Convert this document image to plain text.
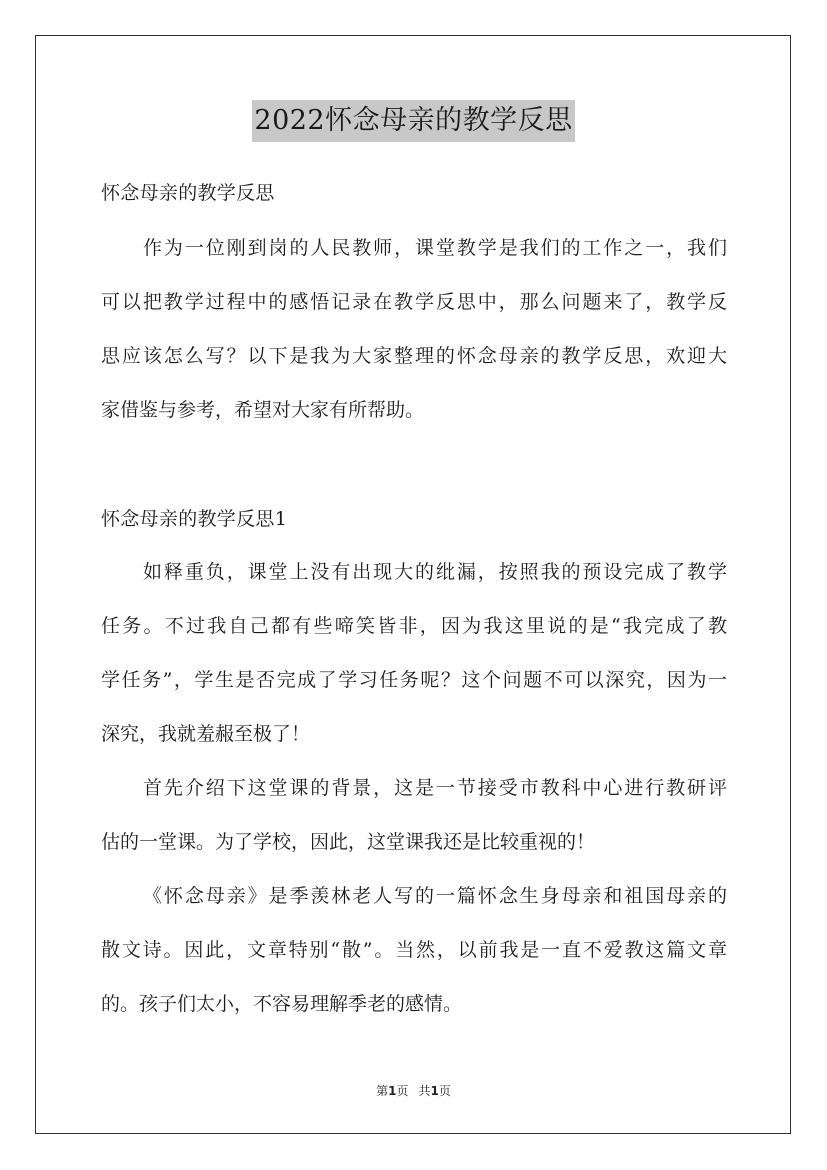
2022怀念母亲的教学反思
怀念母亲的教学反思
作为一位刚到岗的人民教师，课堂教学是我们的工作之一，我们
可以把教学过程中的感悟记录在教学反思中，那么问题来了，教学反
思应该怎么写？以下是我为大家整理的怀念母亲的教学反思，欢迎大
家借鉴与参考，希望对大家有所帮助。
怀念母亲的教学反思1
如释重负，课堂上没有出现大的纰漏，按照我的预设完成了教学
任务。不过我自己都有些啼笑皆非，因为我这里说的是“我完成了教
学任务”，学生是否完成了学习任务呢？这个问题不可以深究，因为一
深究，我就羞赧至极了！
首先介绍下这堂课的背景，这是一节接受市教科中心进行教研评
估的一堂课。为了学校，因此，这堂课我还是比较重视的！
《怀念母亲》是季羡林老人写的一篇怀念生身母亲和祖国母亲的
散文诗。因此，文章特别“散”。当然，以前我是一直不爱教这篇文章
的。孩子们太小，不容易理解季老的感情。
第1页 共1页
